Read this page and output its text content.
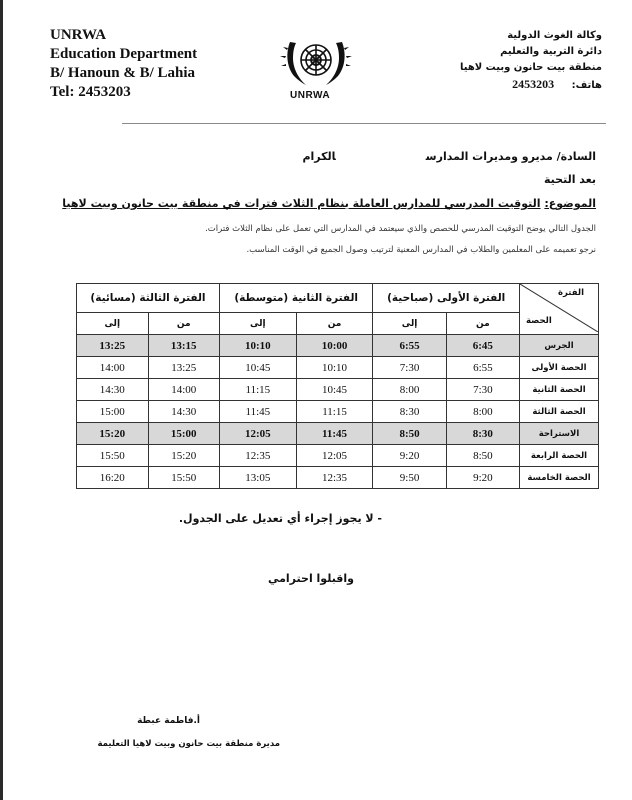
UNRWA
Education Department
B/ Hanoun & B/ Lahia
Tel: 2453203	UNRWA
وكالة الغوث الدولية
دائرة التربية والتعليم
منطقة بيت حانون وبيت لاهيا
هاتف: 2453203
السادة/ مديرو ومديرات المدارسالكرام
بعد التحية
الموضوع: التوقيت المدرسي للمدارس العاملة بنظام الثلاث فترات في منطقة بيت حانون وبيت لاهيا
الجدول التالي يوضح التوقيت المدرسي للحصص والذي سيعتمد في المدارس التي تعمل على نظام الثلاث فترات.
نرجو تعميمه على المعلمين والطلاب في المدارس المعنية لترتيب وصول الجميع في الوقت المناسب.
الفترة
الحصة	الفترة الأولى (صباحية)		الفترة الثانية (متوسطة)		الفترة الثالثة (مسائية)	
	من	إلى	من	إلى	من	إلى
الجرس	6:45	6:55	10:00	10:10	13:15	13:25
الحصة الأولى	6:55	7:30	10:10	10:45	13:25	14:00
الحصة الثانية	7:30	8:00	10:45	11:15	14:00	14:30
الحصة الثالثة	8:00	8:30	11:15	11:45	14:30	15:00
الاستراحة	8:30	8:50	11:45	12:05	15:00	15:20
الحصة الرابعة	8:50	9:20	12:05	12:35	15:20	15:50
الحصة الخامسة	9:20	9:50	12:35	13:05	15:50	16:20
- لا يجوز إجراء أي تعديل على الجدول.
واقبلوا احترامي
أ.فاطمة عبطة
مديرة منطقة بيت حانون وبيت لاهيا التعليمة
